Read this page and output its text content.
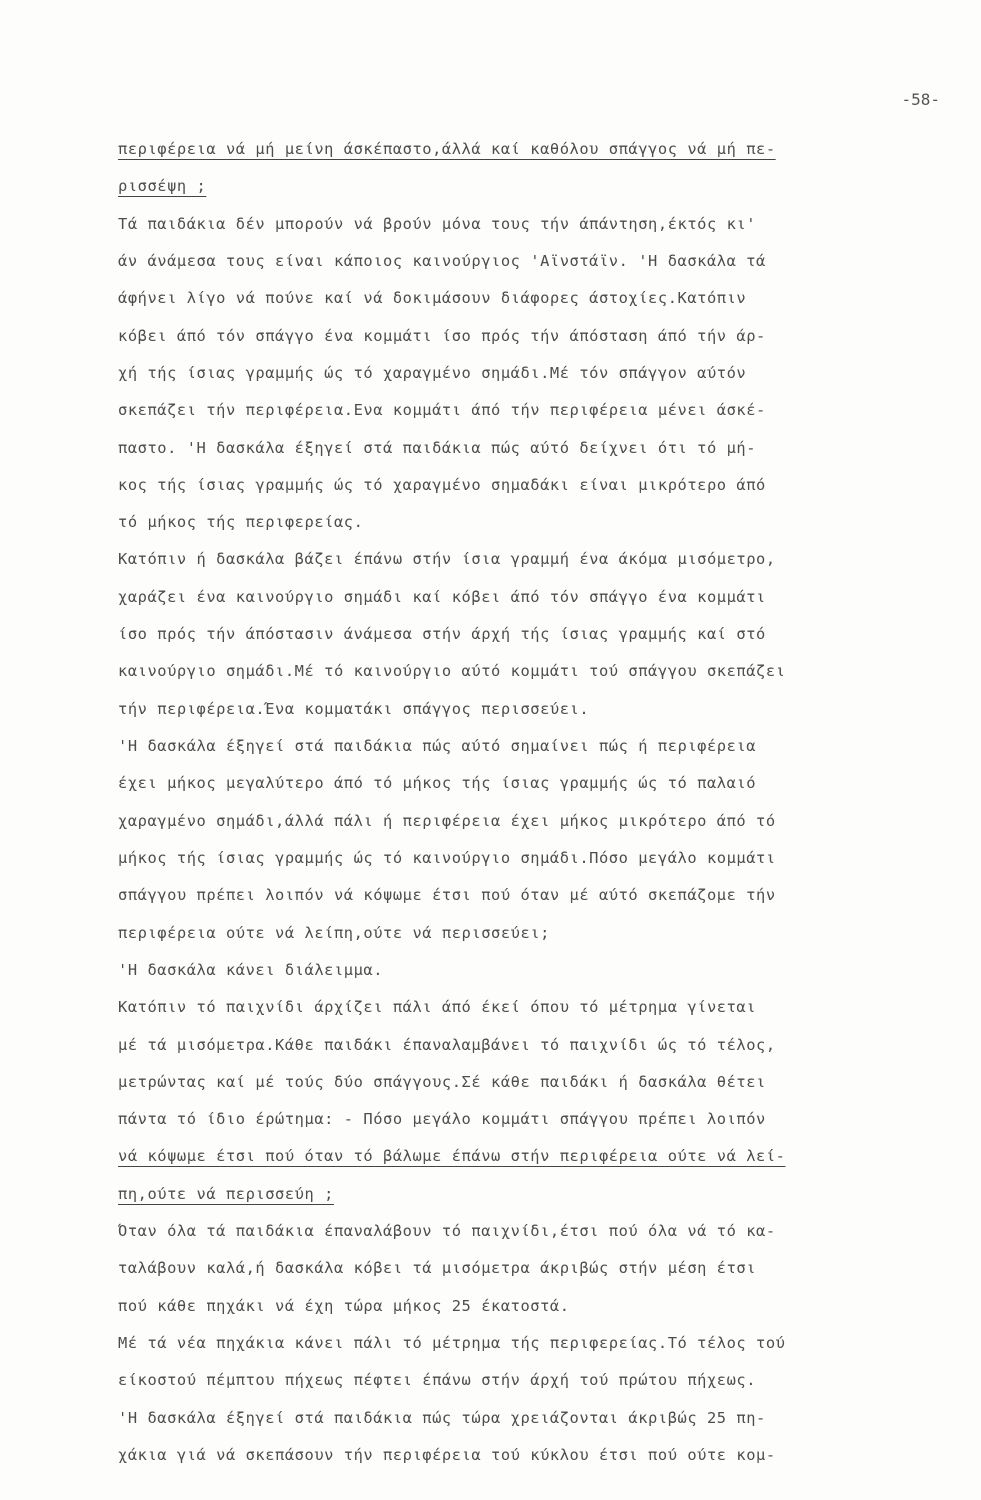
-58-
περιφέρεια νά μή μείνη άσκέπαστο,άλλά καί καθόλου σπάγγος νά μή πε-
ρισσέψη ;
Τά παιδάκια δέν μπορούν νά βρούν μόνα τους τήν άπάντηση,έκτός κι'
άν άνάμεσα τους είναι κάποιος καινούργιος 'Αϊνστάϊν. 'Η δασκάλα τά
άφήνει λίγο νά πούνε καί νά δοκιμάσουν διάφορες άστοχίες.Κατόπιν
κόβει άπό τόν σπάγγο ένα κομμάτι ίσο πρός τήν άπόσταση άπό τήν άρ-
χή τής ίσιας γραμμής ώς τό χαραγμένο σημάδι.Μέ τόν σπάγγον αύτόν
σκεπάζει τήν περιφέρεια.Ενα κομμάτι άπό τήν περιφέρεια μένει άσκέ-
παστο. 'Η δασκάλα έξηγεί στά παιδάκια πώς αύτό δείχνει ότι τό μή-
κος τής ίσιας γραμμής ώς τό χαραγμένο σημαδάκι είναι μικρότερο άπό
τό μήκος τής περιφερείας.
Κατόπιν ή δασκάλα βάζει έπάνω στήν ίσια γραμμή ένα άκόμα μισόμετρο,
χαράζει ένα καινούργιο σημάδι καί κόβει άπό τόν σπάγγο ένα κομμάτι
ίσο πρός τήν άπόστασιν άνάμεσα στήν άρχή τής ίσιας γραμμής καί στό
καινούργιο σημάδι.Μέ τό καινούργιο αύτό κομμάτι τού σπάγγου σκεπάζει
τήν περιφέρεια.Ένα κομματάκι σπάγγος περισσεύει.
'Η δασκάλα έξηγεί στά παιδάκια πώς αύτό σημαίνει πώς ή περιφέρεια
έχει μήκος μεγαλύτερο άπό τό μήκος τής ίσιας γραμμής ώς τό παλαιό
χαραγμένο σημάδι,άλλά πάλι ή περιφέρεια έχει μήκος μικρότερο άπό τό
μήκος τής ίσιας γραμμής ώς τό καινούργιο σημάδι.Πόσο μεγάλο κομμάτι
σπάγγου πρέπει λοιπόν νά κόψωμε έτσι πού όταν μέ αύτό σκεπάζομε τήν
περιφέρεια ούτε νά λείπη,ούτε νά περισσεύει;
'Η δασκάλα κάνει διάλειμμα.
Κατόπιν τό παιχνίδι άρχίζει πάλι άπό έκεί όπου τό μέτρημα γίνεται
μέ τά μισόμετρα.Κάθε παιδάκι έπαναλαμβάνει τό παιχνίδι ώς τό τέλος,
μετρώντας καί μέ τούς δύο σπάγγους.Σέ κάθε παιδάκι ή δασκάλα θέτει
πάντα τό ίδιο έρώτημα: - Πόσο μεγάλο κομμάτι σπάγγου πρέπει λοιπόν
νά κόψωμε έτσι πού όταν τό βάλωμε έπάνω στήν περιφέρεια ούτε νά λεί-
πη,ούτε νά περισσεύη ;
Όταν όλα τά παιδάκια έπαναλάβουν τό παιχνίδι,έτσι πού όλα νά τό κα-
ταλάβουν καλά,ή δασκάλα κόβει τά μισόμετρα άκριβώς στήν μέση έτσι
πού κάθε πηχάκι νά έχη τώρα μήκος 25 έκατοστά.
Μέ τά νέα πηχάκια κάνει πάλι τό μέτρημα τής περιφερείας.Τό τέλος τού
είκοστού πέμπτου πήχεως πέφτει έπάνω στήν άρχή τού πρώτου πήχεως.
'Η δασκάλα έξηγεί στά παιδάκια πώς τώρα χρειάζονται άκριβώς 25 πη-
χάκια γιά νά σκεπάσουν τήν περιφέρεια τού κύκλου έτσι πού ούτε κομ-
